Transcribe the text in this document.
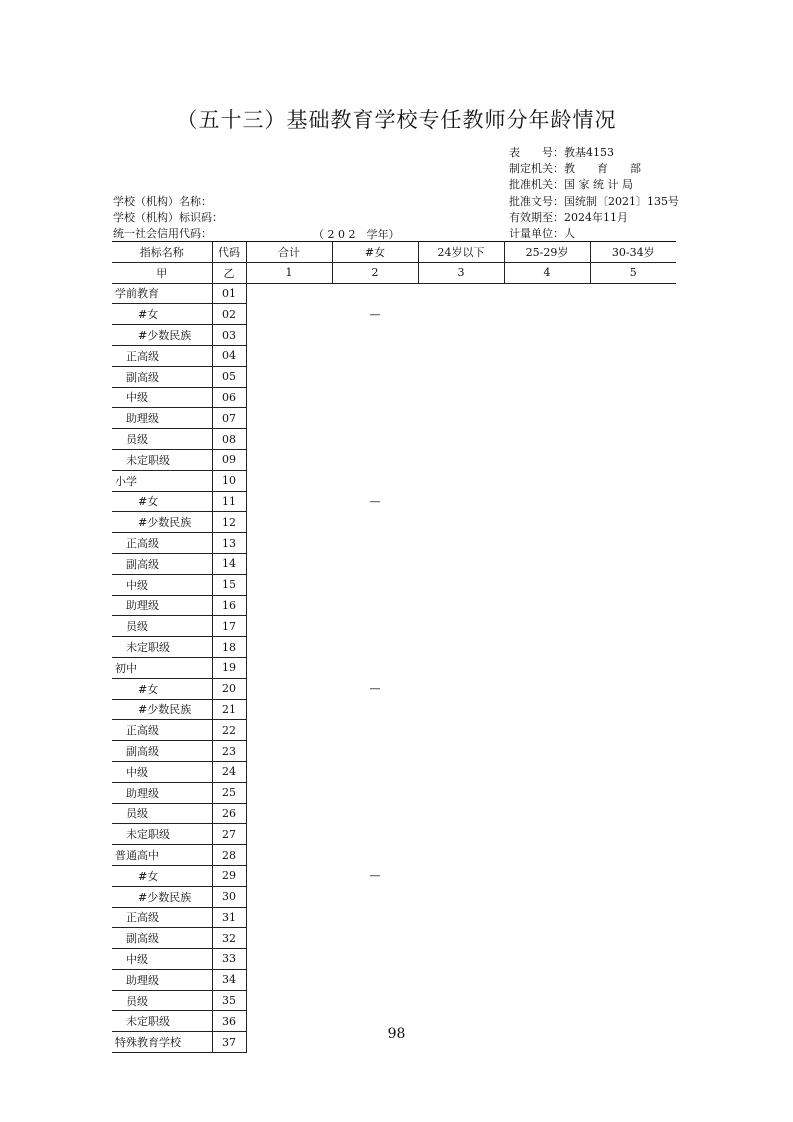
（五十三）基础教育学校专任教师分年龄情况
表　　号：教基4153
制定机关：教　　育　　部
批准机关：国 家 统 计 局
批准文号：国统制〔2021〕135号
有效期至：2024年11月
计量单位：人
学校（机构）名称：
学校（机构）标识码：
统一社会信用代码：	（ 2 0 2　学年）
指标名称	代码	合计	#女	24岁以下	25-29岁	30-34岁
甲	乙	1	2	3	4	5
学前教育	01					
#女	02		—			
#少数民族	03					
正高级	04					
副高级	05					
中级	06					
助理级	07					
员级	08					
未定职级	09					
小学	10					
#女	11		—			
#少数民族	12					
正高级	13					
副高级	14					
中级	15					
助理级	16					
员级	17					
未定职级	18					
初中	19					
#女	20		—			
#少数民族	21					
正高级	22					
副高级	23					
中级	24					
助理级	25					
员级	26					
未定职级	27					
普通高中	28					
#女	29		—			
#少数民族	30					
正高级	31					
副高级	32					
中级	33					
助理级	34					
员级	35					
未定职级	36					
特殊教育学校	37					
98
